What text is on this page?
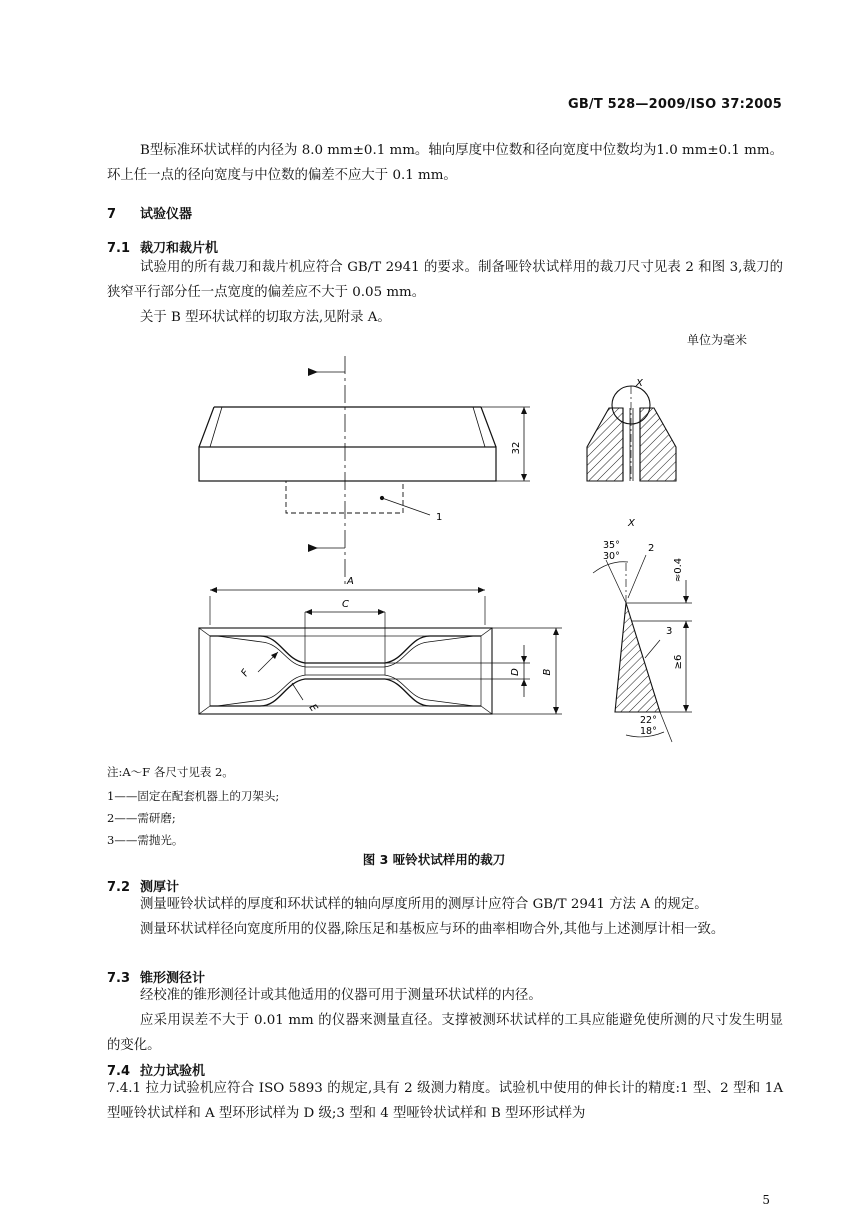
GB/T 528—2009/ISO 37:2005

B型标准环状试样的内径为 8.0 mm±0.1 mm。轴向厚度中位数和径向宽度中位数均为1.0 mm±0.1 mm。环上任一点的径向宽度与中位数的偏差不应大于 0.1 mm。

7 试验仪器
7.1 裁刀和裁片机

试验用的所有裁刀和裁片机应符合 GB/T 2941 的要求。制备哑铃状试样用的裁刀尺寸见表 2 和图 3,裁刀的狭窄平行部分任一点宽度的偏差应不大于 0.05 mm。

关于 B 型环状试样的切取方法,见附录 A。

单位为毫米
32
1
X
A
C
D B
F
E
X
35°
30°
2
3
≈0.4
≥6
22°
18°
注:A～F 各尺寸见表 2。
1——固定在配套机器上的刀架头;
2——需研磨;
3——需抛光。
图 3 哑铃状试样用的裁刀
7.2 测厚计

测量哑铃状试样的厚度和环状试样的轴向厚度所用的测厚计应符合 GB/T 2941 方法 A 的规定。

测量环状试样径向宽度所用的仪器,除压足和基板应与环的曲率相吻合外,其他与上述测厚计相一致。

7.3 锥形测径计

经校准的锥形测径计或其他适用的仪器可用于测量环状试样的内径。

应采用误差不大于 0.01 mm 的仪器来测量直径。支撑被测环状试样的工具应能避免使所测的尺寸发生明显的变化。

7.4 拉力试验机

7.4.1 拉力试验机应符合 ISO 5893 的规定,具有 2 级测力精度。试验机中使用的伸长计的精度:1 型、2 型和 1A 型哑铃状试样和 A 型环形试样为 D 级;3 型和 4 型哑铃状试样和 B 型环形试样为

5
